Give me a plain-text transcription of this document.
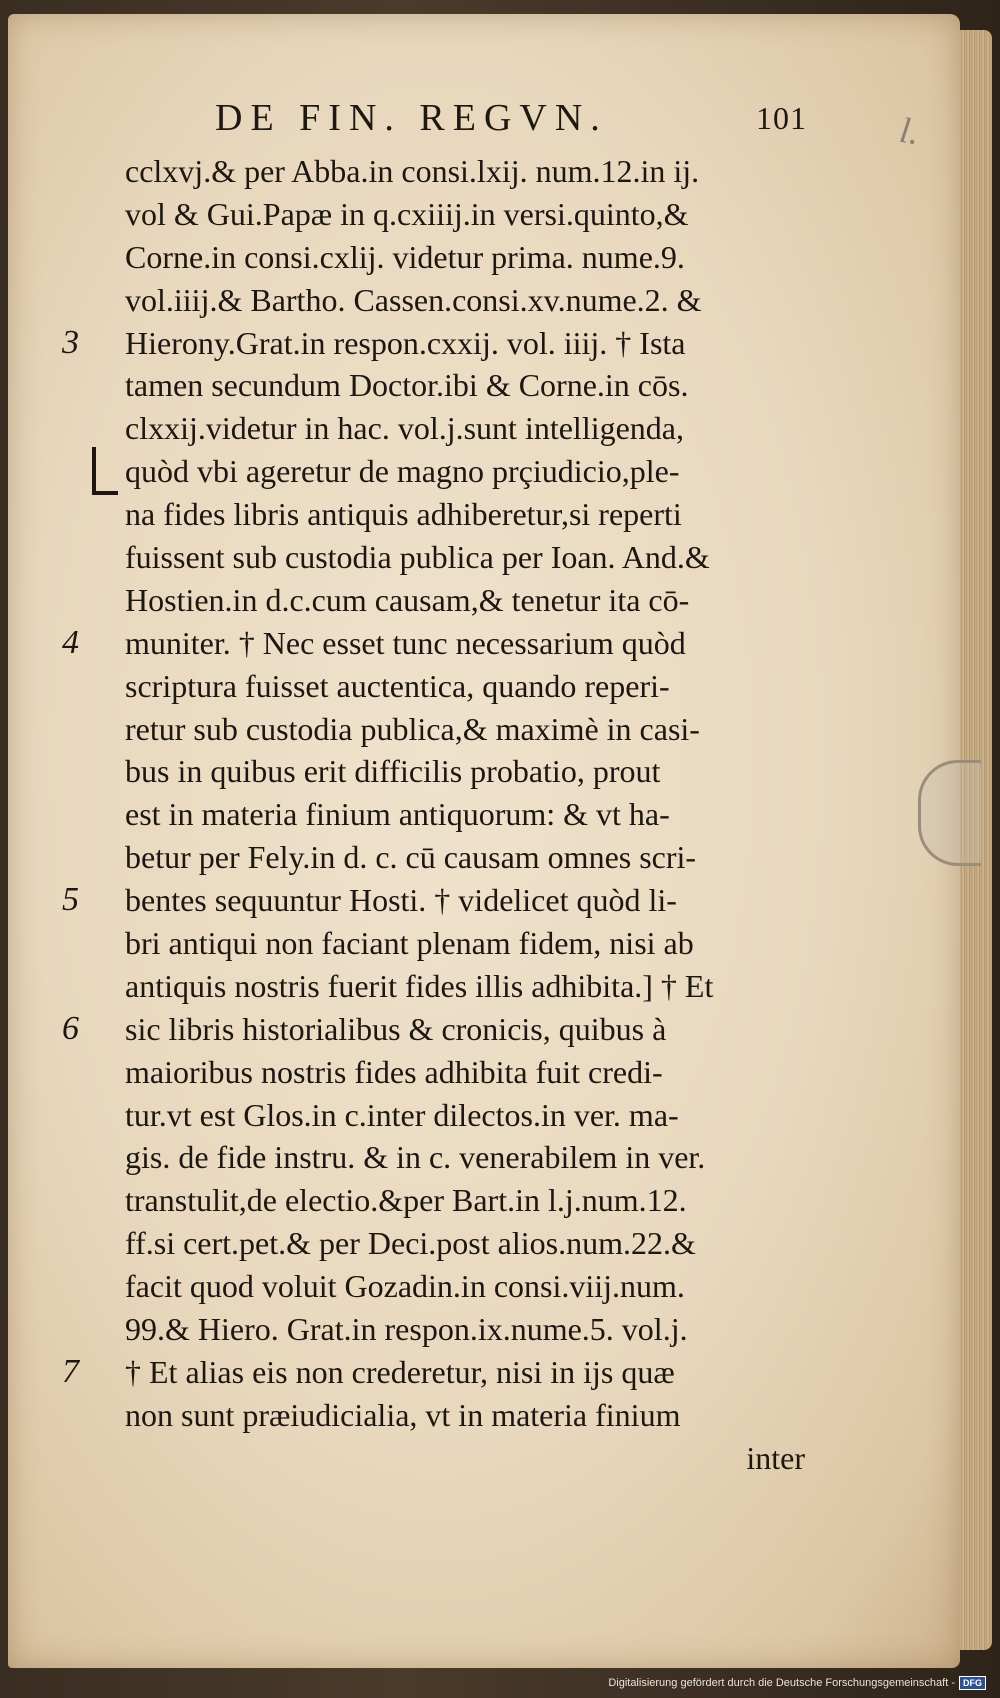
DE FIN. REGVN.	101	l.
cclxvj.& per Abba.in consi.lxij. num.12.in ij.
vol & Gui.Papæ in q.cxiiij.in versi.quinto,&
Corne.in consi.cxlij. videtur prima. nume.9.
vol.iiij.& Bartho. Cassen.consi.xv.nume.2. &
Hierony.Grat.in respon.cxxij. vol. iiij. † Ista
tamen secundum Doctor.ibi & Corne.in cōs.
clxxij.videtur in hac. vol.j.sunt intelligenda,
quòd vbi ageretur de magno prçiudicio,ple-
na fides libris antiquis adhiberetur,si reperti
fuissent sub custodia publica per Ioan. And.&
Hostien.in d.c.cum causam,& tenetur ita cō-
muniter. † Nec esset tunc necessarium quòd
scriptura fuisset auctentica, quando reperi-
retur sub custodia publica,& maximè in casi-
bus in quibus erit difficilis probatio, prout
est in materia finium antiquorum: & vt ha-
betur per Fely.in d. c. cū causam omnes scri-
bentes sequuntur Hosti. † videlicet quòd li-
bri antiqui non faciant plenam fidem, nisi ab
antiquis nostris fuerit fides illis adhibita.] † Et
sic libris historialibus & cronicis, quibus à
maioribus nostris fides adhibita fuit credi-
tur.vt est Glos.in c.inter dilectos.in ver. ma-
gis. de fide instru. & in c. venerabilem in ver.
transtulit,de electio.&per Bart.in l.j.num.12.
ff.si cert.pet.& per Deci.post alios.num.22.&
facit quod voluit Gozadin.in consi.viij.num.
99.& Hiero. Grat.in respon.ix.nume.5. vol.j.
† Et alias eis non crederetur, nisi in ijs quæ
non sunt præiudicialia, vt in materia finium
inter
3
4
5
6
7
Digitalisierung gefördert durch die Deutsche Forschungsgemeinschaft - DFG
